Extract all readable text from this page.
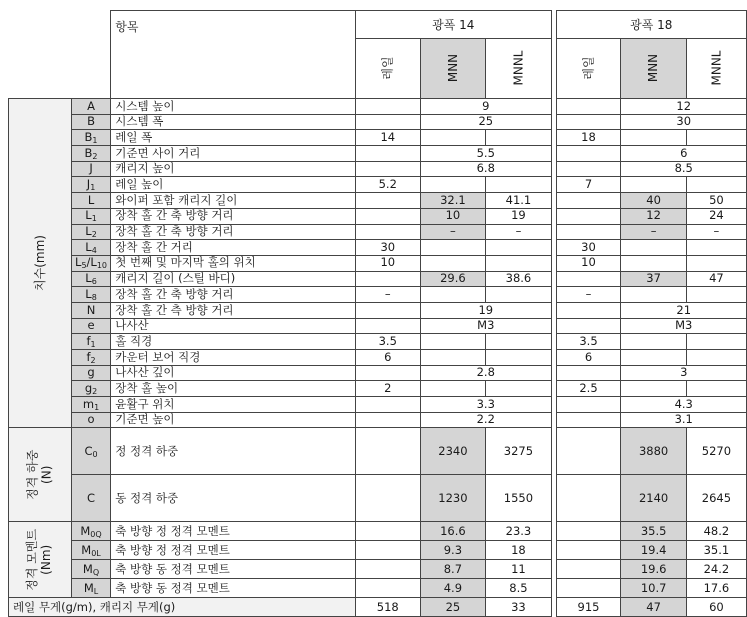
		항목	광폭 14				광폭 18		
			레일	MNN	MNNL		레일	MNN	MNNL
치수(mm)	A	시스템 높이		9				12	
	B	시스템 폭		25				30	
	B1	레일 폭	14				18		
	B2	기준면 사이 거리		5.5				6	
	J	캐리지 높이		6.8				8.5	
	J1	레일 높이	5.2				7		
	L	와이퍼 포함 캐리지 길이		32.1	41.1			40	50
	L1	장착 홀 간 축 방향 거리		10	19			12	24
	L2	장착 홀 간 축 방향 거리		–	–			–	–
	L4	장착 홀 간 거리	30				30		
	L5/L10	첫 번째 및 마지막 홀의 위치	10				10		
	L6	캐리지 길이 (스틸 바디)		29.6	38.6			37	47
	L8	장착 홀 간 축 방향 거리	–				–		
	N	장착 홀 간 측 방향 거리		19				21	
	e	나사산		M3				M3	
	f1	홀 직경	3.5				3.5		
	f2	카운터 보어 직경	6				6		
	g	나사산 깊이		2.8				3	
	g2	장착 홀 높이	2				2.5		
	m1	윤활구 위치		3.3				4.3	
	o	기준면 높이		2.2				3.1	
정격 하중
(N)	C0	정 정격 하중		2340	3275			3880	5270
	C	동 정격 하중		1230	1550			2140	2645
정격 모멘트
(Nm)	M0Q	축 방향 정 정격 모멘트		16.6	23.3			35.5	48.2
	M0L	축 방향 정 정격 모멘트		9.3	18			19.4	35.1
	MQ	축 방향 동 정격 모멘트		8.7	11			19.6	24.2
	ML	축 방향 동 정격 모멘트		4.9	8.5			10.7	17.6
레일 무게(g/m), 캐리지 무게(g)			518	25	33		915	47	60
